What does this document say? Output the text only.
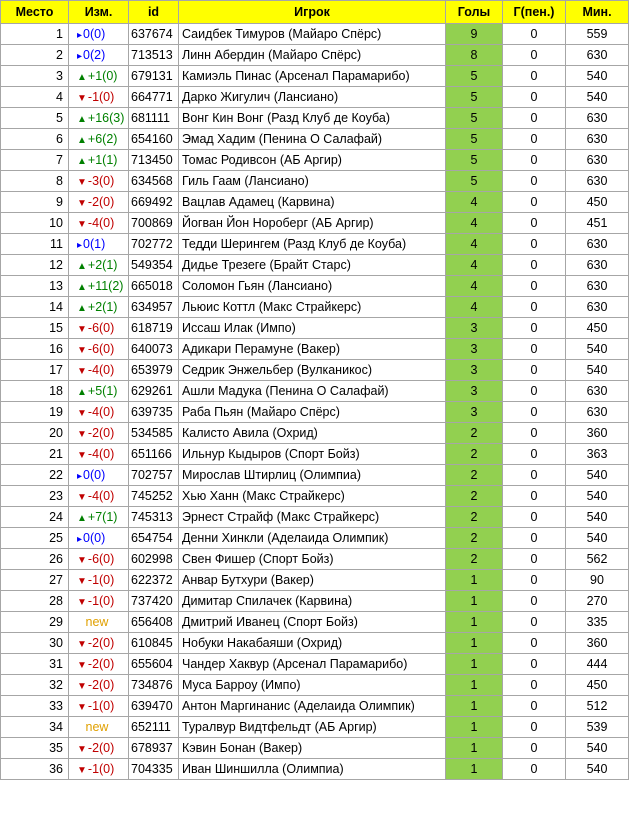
Место	Изм.	id	Игрок	Голы	Г(пен.)	Мин.
1	▸0(0)	637674	Саидбек Тимуров (Майаро Спёрс)	9	0	559
2	▸0(2)	713513	Линн Абердин (Майаро Спёрс)	8	0	630
3	▲+1(0)	679131	Камиэль Пинас (Арсенал Парамарибо)	5	0	540
4	▼-1(0)	664771	Дарко Жигулич (Лансиано)	5	0	540
5	▲+16(3)	681111	Вонг Кин Вонг (Разд Клуб де Коуба)	5	0	630
6	▲+6(2)	654160	Эмад Хадим (Пенина О Салафай)	5	0	630
7	▲+1(1)	713450	Томас Родивсон (АБ Аргир)	5	0	630
8	▼-3(0)	634568	Гиль Гаам (Лансиано)	5	0	630
9	▼-2(0)	669492	Вацлав Адамец (Карвина)	4	0	450
10	▼-4(0)	700869	Йогван Йон Норoберг (АБ Аргир)	4	0	451
11	▸0(1)	702772	Тедди Шерингем (Разд Клуб де Коуба)	4	0	630
12	▲+2(1)	549354	Дидье Трезеге (Брайт Старс)	4	0	630
13	▲+11(2)	665018	Соломон Гьян (Лансиано)	4	0	630
14	▲+2(1)	634957	Льюис Коттл (Макс Страйкерс)	4	0	630
15	▼-6(0)	618719	Иссаш Илак (Импо)	3	0	450
16	▼-6(0)	640073	Адикари Перамуне (Вакер)	3	0	540
17	▼-4(0)	653979	Седрик Энжельбер (Вулканикос)	3	0	540
18	▲+5(1)	629261	Ашли Мадука (Пенина О Салафай)	3	0	630
19	▼-4(0)	639735	Раба Пьян (Майаро Спёрс)	3	0	630
20	▼-2(0)	534585	Калисто Авила (Охрид)	2	0	360
21	▼-4(0)	651166	Ильнур Кыдыров (Спорт Бойз)	2	0	363
22	▸0(0)	702757	Мирослав Штирлиц (Олимпиа)	2	0	540
23	▼-4(0)	745252	Хью Ханн (Макс Страйкерс)	2	0	540
24	▲+7(1)	745313	Эрнест Страйф (Макс Страйкерс)	2	0	540
25	▸0(0)	654754	Денни Хинкли (Аделаида Олимпик)	2	0	540
26	▼-6(0)	602998	Свен Фишер (Спорт Бойз)	2	0	562
27	▼-1(0)	622372	Анвар Бутхури (Вакер)	1	0	90
28	▼-1(0)	737420	Димитар Спилачек (Карвина)	1	0	270
29	new	656408	Дмитрий Иванец (Спорт Бойз)	1	0	335
30	▼-2(0)	610845	Нобуки Накабаяши (Охрид)	1	0	360
31	▼-2(0)	655604	Чандер Хаквур (Арсенал Парамарибо)	1	0	444
32	▼-2(0)	734876	Муса Барроу (Импо)	1	0	450
33	▼-1(0)	639470	Антон Маргинанис (Аделаида Олимпик)	1	0	512
34	new	652111	Туралвур Видтфельдт (АБ Аргир)	1	0	539
35	▼-2(0)	678937	Кэвин Бонан (Вакер)	1	0	540
36	▼-1(0)	704335	Иван Шиншилла (Олимпиа)	1	0	540
